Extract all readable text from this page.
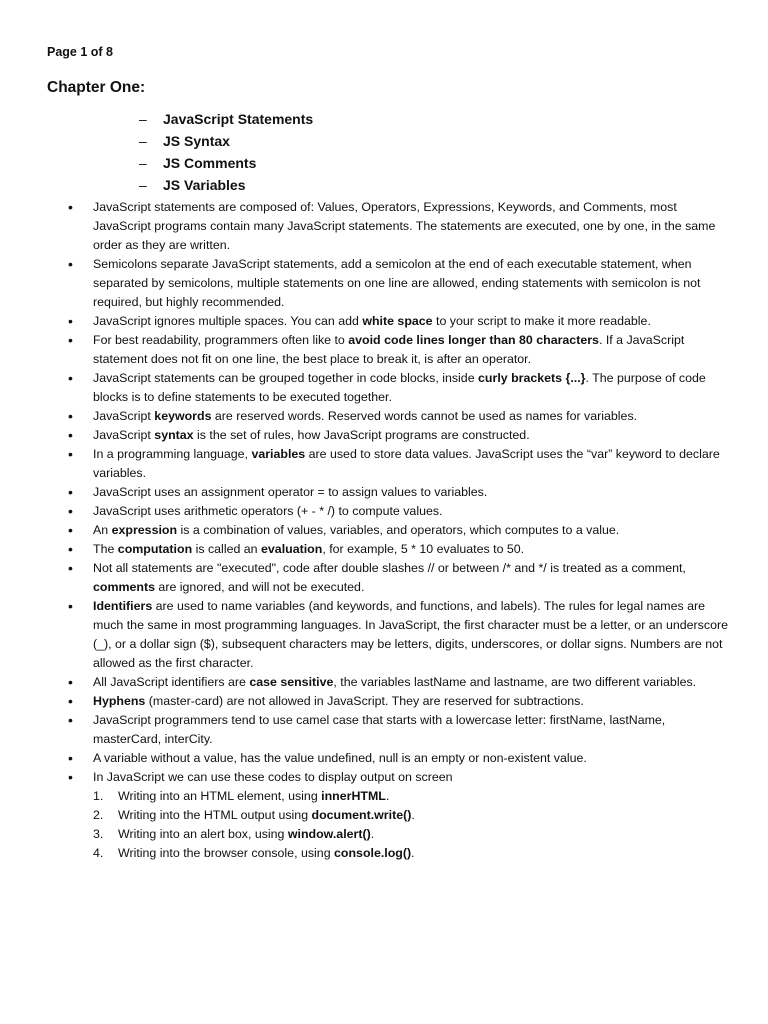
Page 1 of 8

Chapter One:
–	JavaScript Statements
–	JS Syntax
–	JS Comments
–	JS Variables
• JavaScript statements are composed of: Values, Operators, Expressions, Keywords, and Comments, most JavaScript programs contain many JavaScript statements. The statements are executed, one by one, in the same order as they are written.
• Semicolons separate JavaScript statements, add a semicolon at the end of each executable statement, when separated by semicolons, multiple statements on one line are allowed, ending statements with semicolon is not required, but highly recommended.
• JavaScript ignores multiple spaces. You can add white space to your script to make it more readable.
• For best readability, programmers often like to avoid code lines longer than 80 characters. If a JavaScript statement does not fit on one line, the best place to break it, is after an operator.
• JavaScript statements can be grouped together in code blocks, inside curly brackets {...}. The purpose of code blocks is to define statements to be executed together.
• JavaScript keywords are reserved words. Reserved words cannot be used as names for variables.
• JavaScript syntax is the set of rules, how JavaScript programs are constructed.
• In a programming language, variables are used to store data values. JavaScript uses the “var” keyword to declare variables.
• JavaScript uses an assignment operator = to assign values to variables.
• JavaScript uses arithmetic operators (+ - * /) to compute values.
• An expression is a combination of values, variables, and operators, which computes to a value.
• The computation is called an evaluation, for example, 5 * 10 evaluates to 50.
• Not all statements are "executed", code after double slashes // or between /* and */ is treated as a comment, comments are ignored, and will not be executed.
• Identifiers are used to name variables (and keywords, and functions, and labels). The rules for legal names are much the same in most programming languages. In JavaScript, the first character must be a letter, or an underscore (_), or a dollar sign ($), subsequent characters may be letters, digits, underscores, or dollar signs. Numbers are not allowed as the first character.
• All JavaScript identifiers are case sensitive, the variables lastName and lastname, are two different variables.
• Hyphens (master-card) are not allowed in JavaScript. They are reserved for subtractions.
• JavaScript programmers tend to use camel case that starts with a lowercase letter: firstName, lastName, masterCard, interCity.
• A variable without a value, has the value undefined, null is an empty or non-existent value.
• In JavaScript we can use these codes to display output on screen
1.	Writing into an HTML element, using innerHTML.
2.	Writing into the HTML output using document.write().
3.	Writing into an alert box, using window.alert().
4.	Writing into the browser console, using console.log().
